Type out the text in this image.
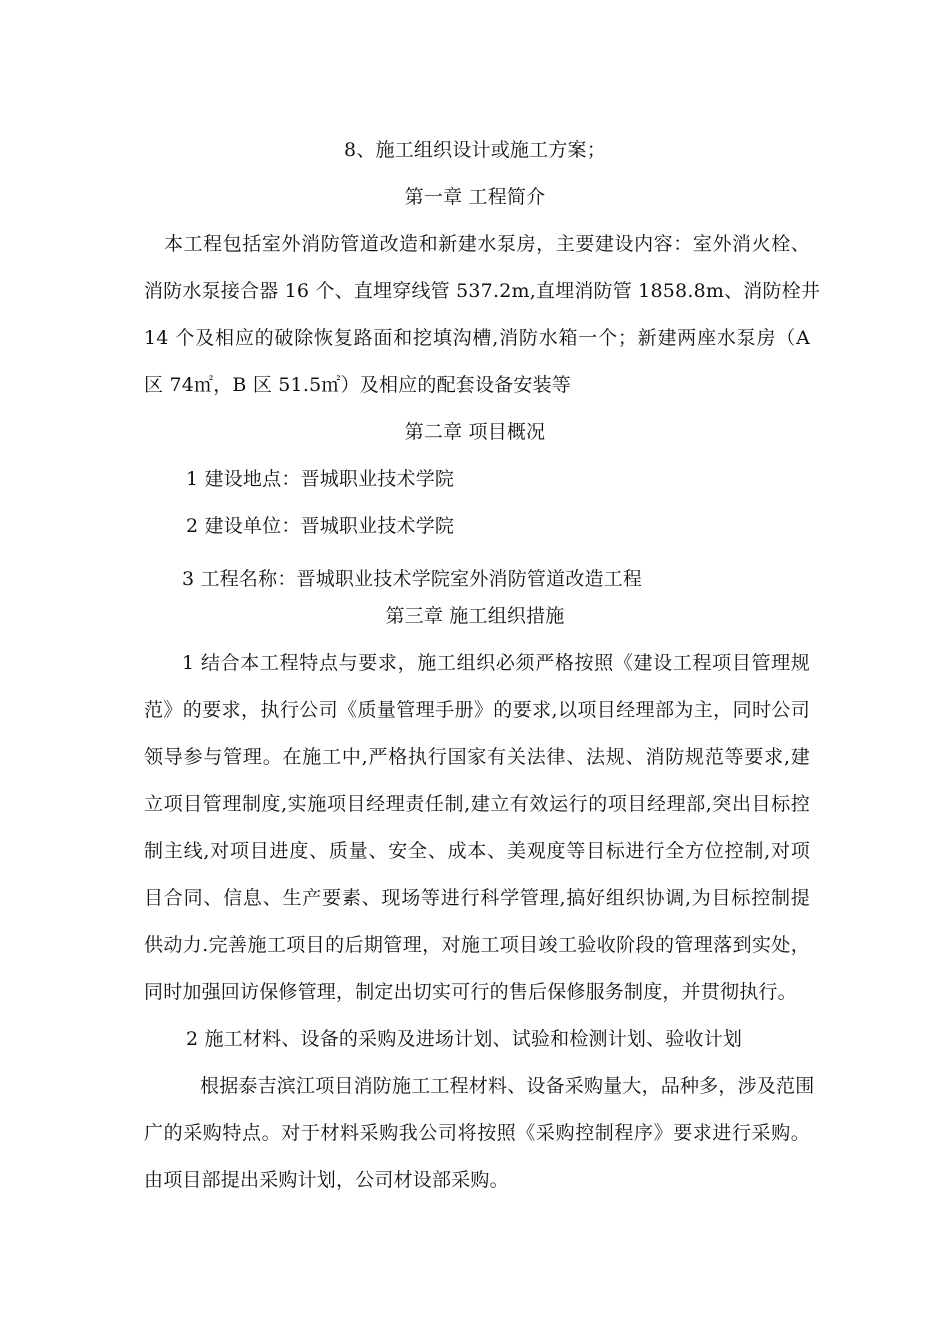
8、施工组织设计或施工方案；
第一章 工程简介
本工程包括室外消防管道改造和新建水泵房，主要建设内容：室外消火栓、
消防水泵接合器 16 个、直埋穿线管 537.2m,直埋消防管 1858.8m、消防栓井
14 个及相应的破除恢复路面和挖填沟槽,消防水箱一个；新建两座水泵房（A
区 74㎡，B 区 51.5㎡）及相应的配套设备安装等
第二章 项目概况
1 建设地点：晋城职业技术学院
2 建设单位：晋城职业技术学院
3 工程名称：晋城职业技术学院室外消防管道改造工程
第三章 施工组织措施
1 结合本工程特点与要求，施工组织必须严格按照《建设工程项目管理规
范》的要求，执行公司《质量管理手册》的要求,以项目经理部为主，同时公司
领导参与管理。在施工中,严格执行国家有关法律、法规、消防规范等要求,建
立项目管理制度,实施项目经理责任制,建立有效运行的项目经理部,突出目标控
制主线,对项目进度、质量、安全、成本、美观度等目标进行全方位控制,对项
目合同、信息、生产要素、现场等进行科学管理,搞好组织协调,为目标控制提
供动力.完善施工项目的后期管理，对施工项目竣工验收阶段的管理落到实处，
同时加强回访保修管理，制定出切实可行的售后保修服务制度，并贯彻执行。
2 施工材料、设备的采购及进场计划、试验和检测计划、验收计划
根据泰吉滨江项目消防施工工程材料、设备采购量大，品种多，涉及范围
广的采购特点。对于材料采购我公司将按照《采购控制程序》要求进行采购。
由项目部提出采购计划，公司材设部采购。
